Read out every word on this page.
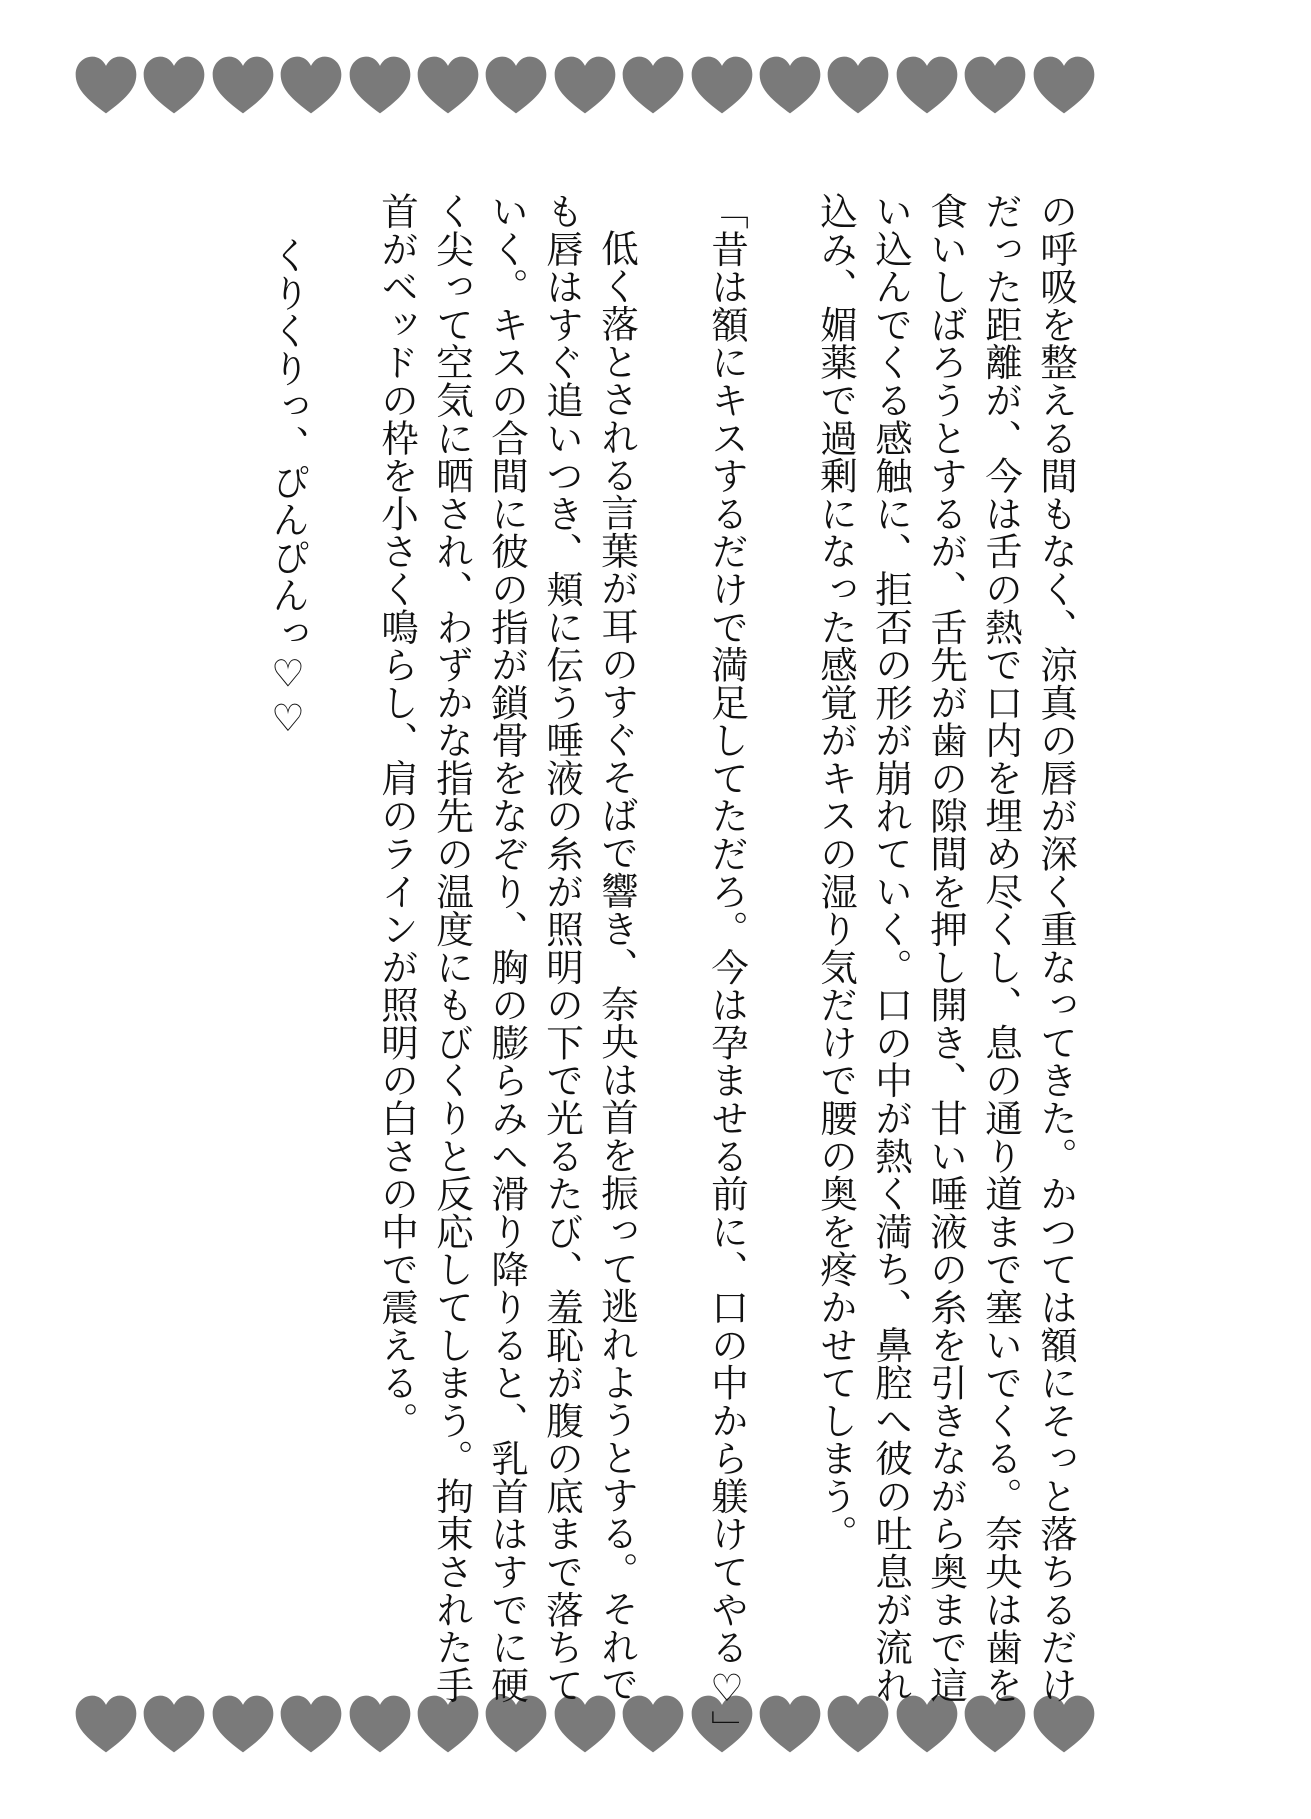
の呼吸を整える間もなく、涼真の唇が深く重なってきた。かつては額にそっと落ちるだけ
だった距離が、今は舌の熱で口内を埋め尽くし、息の通り道まで塞いでくる。奈央は歯を
食いしばろうとするが、舌先が歯の隙間を押し開き、甘い唾液の糸を引きながら奥まで這
い込んでくる感触に、拒否の形が崩れていく。口の中が熱く満ち、鼻腔へ彼の吐息が流れ
込み、媚薬で過剰になった感覚がキスの湿り気だけで腰の奥を疼かせてしまう。
「昔は額にキスするだけで満足してただろ。今は孕ませる前に、口の中から躾けてやる♡」
低く落とされる言葉が耳のすぐそばで響き、奈央は首を振って逃れようとする。それで
も唇はすぐ追いつき、頬に伝う唾液の糸が照明の下で光るたび、羞恥が腹の底まで落ちて
いく。キスの合間に彼の指が鎖骨をなぞり、胸の膨らみへ滑り降りると、乳首はすでに硬
く尖って空気に晒され、わずかな指先の温度にもびくりと反応してしまう。拘束された手
首がベッドの枠を小さく鳴らし、肩のラインが照明の白さの中で震える。
くりくりっ、ぴんぴんっ♡♡
